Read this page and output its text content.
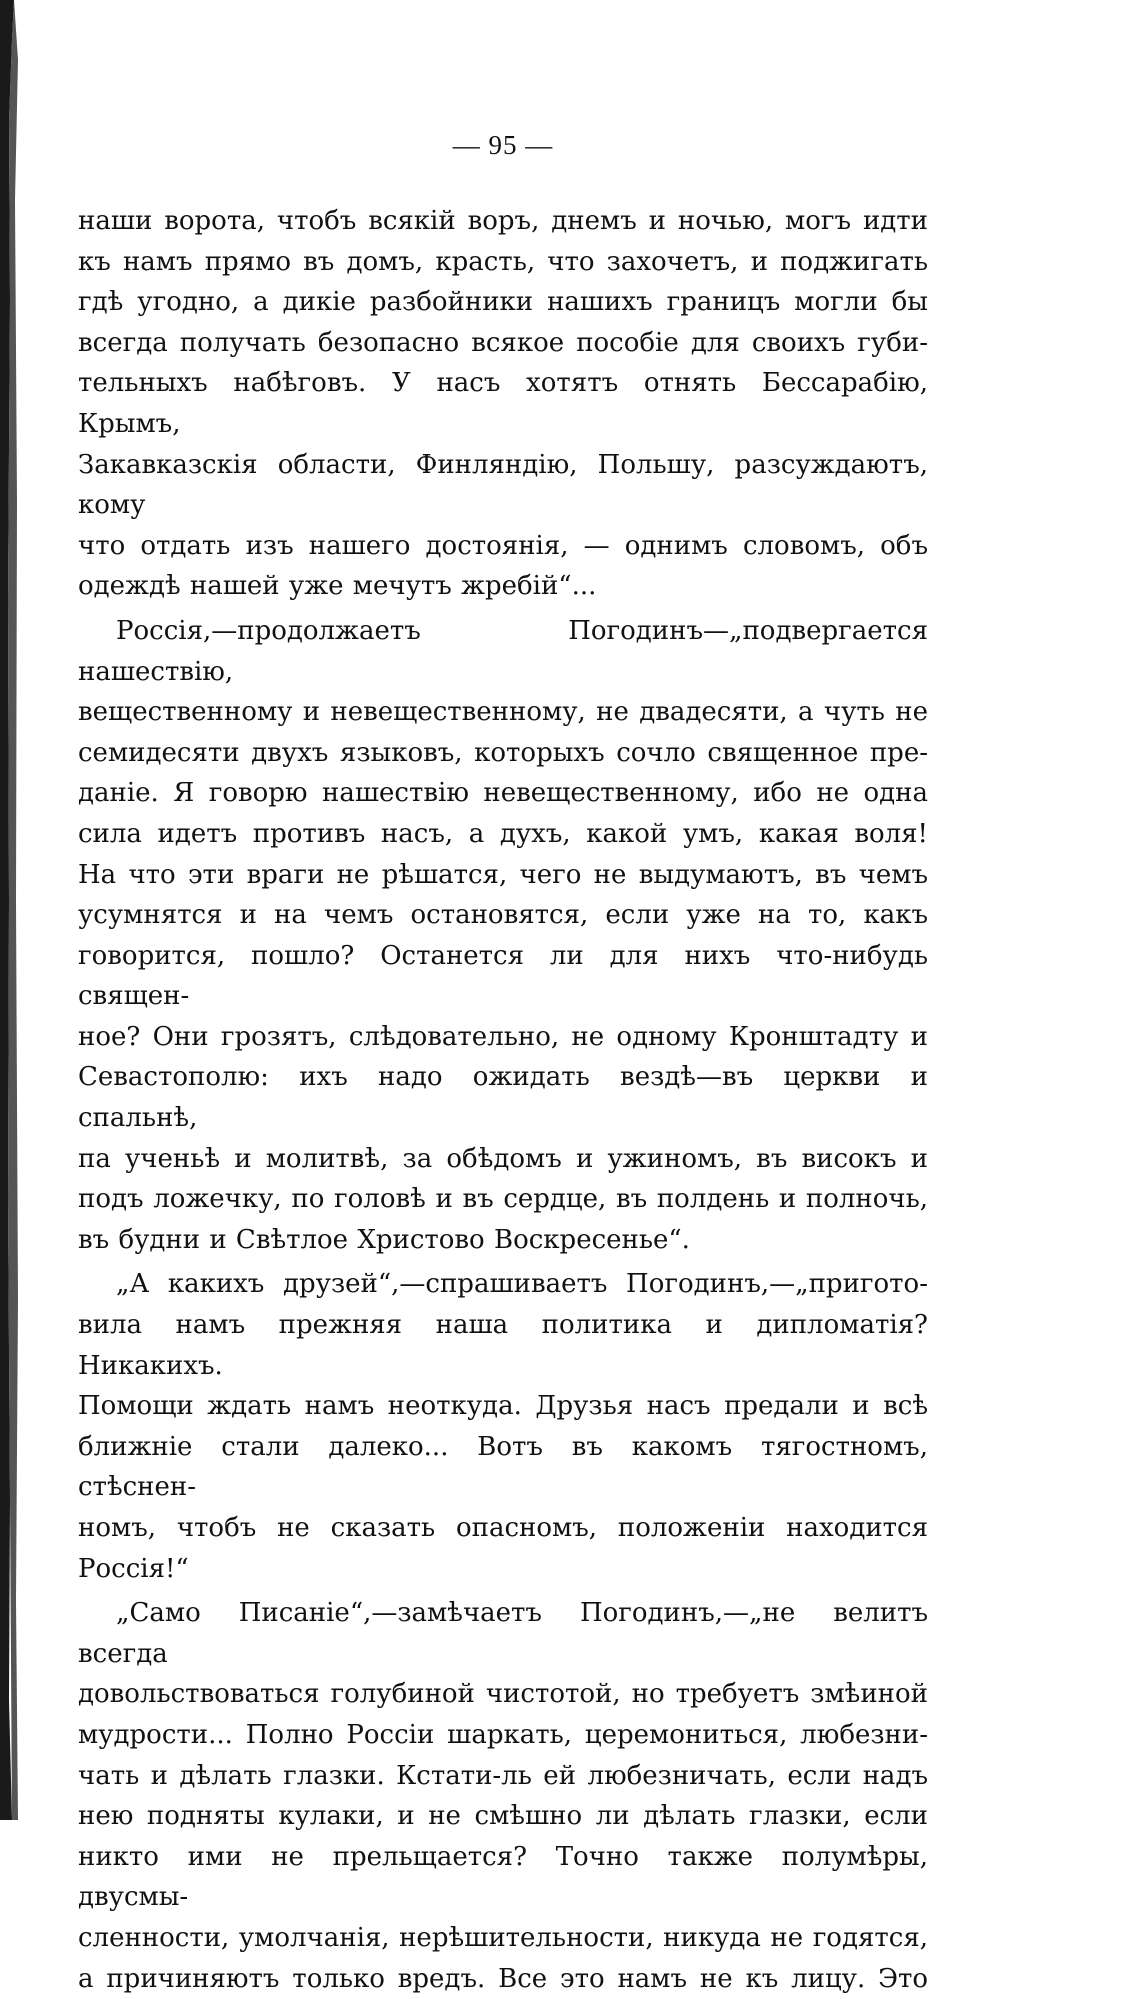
— 95 —

наши ворота, чтобъ всякій воръ, днемъ и ночью, могъ идти
къ намъ прямо въ домъ, красть, что захочетъ, и поджигать
гдѣ угодно, а дикіе разбойники нашихъ границъ могли бы
всегда получать безопасно всякое пособіе для своихъ губи-
тельныхъ набѣговъ. У насъ хотятъ отнять Бессарабію, Крымъ,
Закавказскія области, Финляндію, Польшу, разсуждаютъ, кому
что отдать изъ нашего достоянія, — однимъ словомъ, объ
одеждѣ нашей уже мечутъ жребій“...

Россія,—продолжаетъ Погодинъ—„подвергается нашествію,
вещественному и невещественному, не двадесяти, а чуть не
семидесяти двухъ языковъ, которыхъ сочло священное пре-
даніе. Я говорю нашествію невещественному, ибо не одна
сила идетъ противъ насъ, а духъ, какой умъ, какая воля!
На что эти враги не рѣшатся, чего не выдумаютъ, въ чемъ
усумнятся и на чемъ остановятся, если уже на то, какъ
говорится, пошло? Останется ли для нихъ что-нибудь священ-
ное? Они грозятъ, слѣдовательно, не одному Кронштадту и
Севастополю: ихъ надо ожидать вездѣ—въ церкви и спальнѣ,
па ученьѣ и молитвѣ, за обѣдомъ и ужиномъ, въ високъ и
подъ ложечку, по головѣ и въ сердце, въ полдень и полночь,
въ будни и Свѣтлое Христово Воскресенье“.

„А какихъ друзей“,—спрашиваетъ Погодинъ,—„пригото-
вила намъ прежняя наша политика и дипломатія? Никакихъ.
Помощи ждать намъ неоткуда. Друзья насъ предали и всѣ
ближніе стали далеко... Вотъ въ какомъ тягостномъ, стѣснен-
номъ, чтобъ не сказать опасномъ, положеніи находится
Россія!“

„Само Писаніе“,—замѣчаетъ Погодинъ,—„не велитъ всегда
довольствоваться голубиной чистотой, но требуетъ змѣиной
мудрости... Полно Россіи шаркать, церемониться, любезни-
чать и дѣлать глазки. Кстати-ль ей любезничать, если надъ
нею подняты кулаки, и не смѣшно ли дѣлать глазки, если
никто ими не прельщается? Точно также полумѣры, двусмы-
сленности, умолчанія, нерѣшительности, никуда не годятся,
а причиняютъ только вредъ. Все это намъ не къ лицу. Это
